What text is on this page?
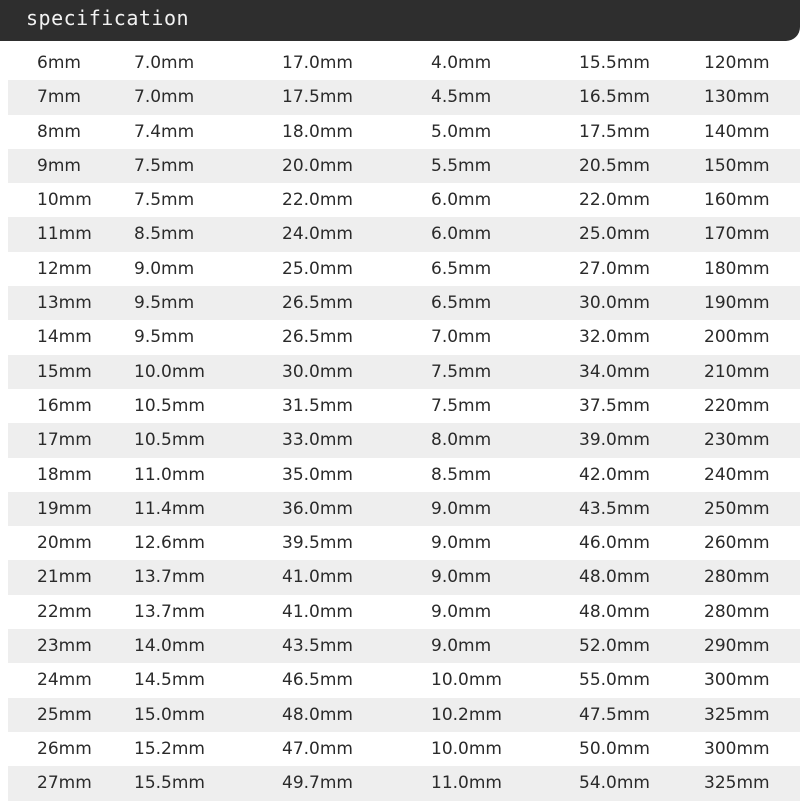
specification
6mm	7.0mm	17.0mm	4.0mm	15.5mm	120mm
7mm	7.0mm	17.5mm	4.5mm	16.5mm	130mm
8mm	7.4mm	18.0mm	5.0mm	17.5mm	140mm
9mm	7.5mm	20.0mm	5.5mm	20.5mm	150mm
10mm 7.5mm	22.0mm	6.0mm	22.0mm	160mm
11mm 8.5mm	24.0mm	6.0mm	25.0mm	170mm
12mm 9.0mm	25.0mm	6.5mm	27.0mm	180mm
13mm 9.5mm	26.5mm	6.5mm	30.0mm	190mm
14mm 9.5mm	26.5mm	7.0mm	32.0mm	200mm
15mm 10.0mm	30.0mm	7.5mm	34.0mm	210mm
16mm 10.5mm	31.5mm	7.5mm	37.5mm	220mm
17mm 10.5mm	33.0mm	8.0mm	39.0mm	230mm
18mm 11.0mm	35.0mm	8.5mm	42.0mm	240mm
19mm 11.4mm	36.0mm	9.0mm	43.5mm	250mm
20mm 12.6mm	39.5mm	9.0mm	46.0mm	260mm
21mm 13.7mm	41.0mm	9.0mm	48.0mm	280mm
22mm 13.7mm	41.0mm	9.0mm	48.0mm	280mm
23mm 14.0mm	43.5mm	9.0mm	52.0mm	290mm
24mm 14.5mm	46.5mm	10.0mm	55.0mm	300mm
25mm 15.0mm	48.0mm	10.2mm	47.5mm	325mm
26mm 15.2mm	47.0mm	10.0mm	50.0mm	300mm
27mm 15.5mm	49.7mm	11.0mm	54.0mm	325mm
